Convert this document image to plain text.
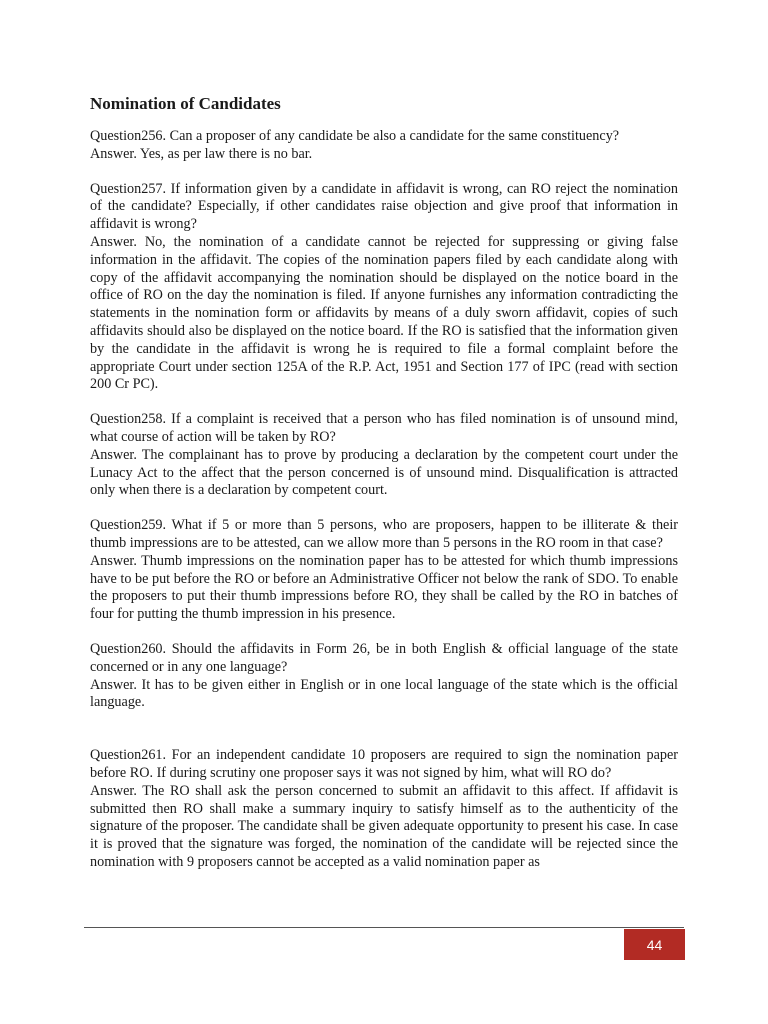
Nomination of Candidates

Question256. Can a proposer of any candidate be also a candidate for the same constituency?

Answer. Yes, as per law there is no bar.

Question257. If information given by a candidate in affidavit is wrong, can RO reject the nomination of the candidate? Especially, if other candidates raise objection and give proof that information in affidavit is wrong?

Answer. No, the nomination of a candidate cannot be rejected for suppressing or giving false information in the affidavit. The copies of the nomination papers filed by each candidate along with copy of the affidavit accompanying the nomination should be displayed on the notice board in the office of RO on the day the nomination is filed. If anyone furnishes any information contradicting the statements in the nomination form or affidavits by means of a duly sworn affidavit, copies of such affidavits should also be displayed on the notice board. If the RO is satisfied that the information given by the candidate in the affidavit is wrong he is required to file a formal complaint before the appropriate Court under section 125A of the R.P. Act, 1951 and Section 177 of IPC (read with section 200 Cr PC).

Question258. If a complaint is received that a person who has filed nomination is of unsound mind, what course of action will be taken by RO?

Answer. The complainant has to prove by producing a declaration by the competent court under the Lunacy Act to the affect that the person concerned is of unsound mind. Disqualification is attracted only when there is a declaration by competent court.

Question259. What if 5 or more than 5 persons, who are proposers, happen to be illiterate & their thumb impressions are to be attested, can we allow more than 5 persons in the RO room in that case?

Answer. Thumb impressions on the nomination paper has to be attested for which thumb impressions have to be put before the RO or before an Administrative Officer not below the rank of SDO. To enable the proposers to put their thumb impressions before RO, they shall be called by the RO in batches of four for putting the thumb impression in his presence.

Question260. Should the affidavits in Form 26, be in both English & official language of the state concerned or in any one language?

Answer. It has to be given either in English or in one local language of the state which is the official language.

Question261. For an independent candidate 10 proposers are required to sign the nomination paper before RO. If during scrutiny one proposer says it was not signed by him, what will RO do?

Answer. The RO shall ask the person concerned to submit an affidavit to this affect. If affidavit is submitted then RO shall make a summary inquiry to satisfy himself as to the authenticity of the signature of the proposer. The candidate shall be given adequate opportunity to present his case. In case it is proved that the signature was forged, the nomination of the candidate will be rejected since the nomination with 9 proposers cannot be accepted as a valid nomination paper as

44
